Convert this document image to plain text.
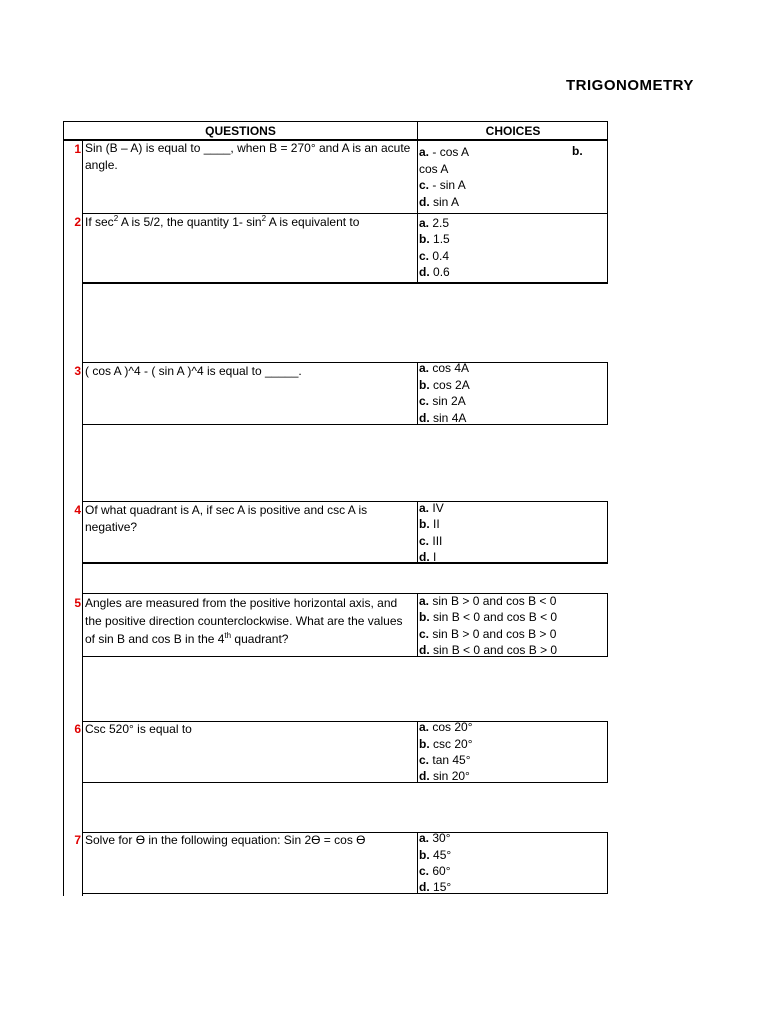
TRIGONOMETRY
QUESTIONS	CHOICES
1 Sin (B – A) is equal to ____, when B = 270° and A is an acute angle.
a. - cos A	b.
cos A
c. - sin A
d. sin A
2 If $\sec^2 A$ is 5/2, the quantity 1- $\sin^2 A$ is equivalent to	a. 2.5
b. 1.5
c. 0.4
d. 0.6
3 ( cos A )^4 - ( sin A )^4 is equal to _____.	a. cos 4A
b. cos 2A
c. sin 2A
d. sin 4A
4 Of what quadrant is A, if sec A is positive and csc A is negative?
a. IV
b. II
c. III
d. I
5 Angles are measured from the positive horizontal axis, and the positive direction counterclockwise. What are the values of sin B and cos B in the 4th quadrant?
a. sin B > 0 and cos B < 0
b. sin B < 0 and cos B < 0
c. sin B > 0 and cos B > 0
d. sin B < 0 and cos B > 0
6 Csc 520° is equal to	a. cos 20°
b. csc 20°
c. tan 45°
d. sin 20°
7 Solve for ϴ in the following equation: Sin 2ϴ = cos ϴ	a. 30°
b. 45°
c. 60°
d. 15°
